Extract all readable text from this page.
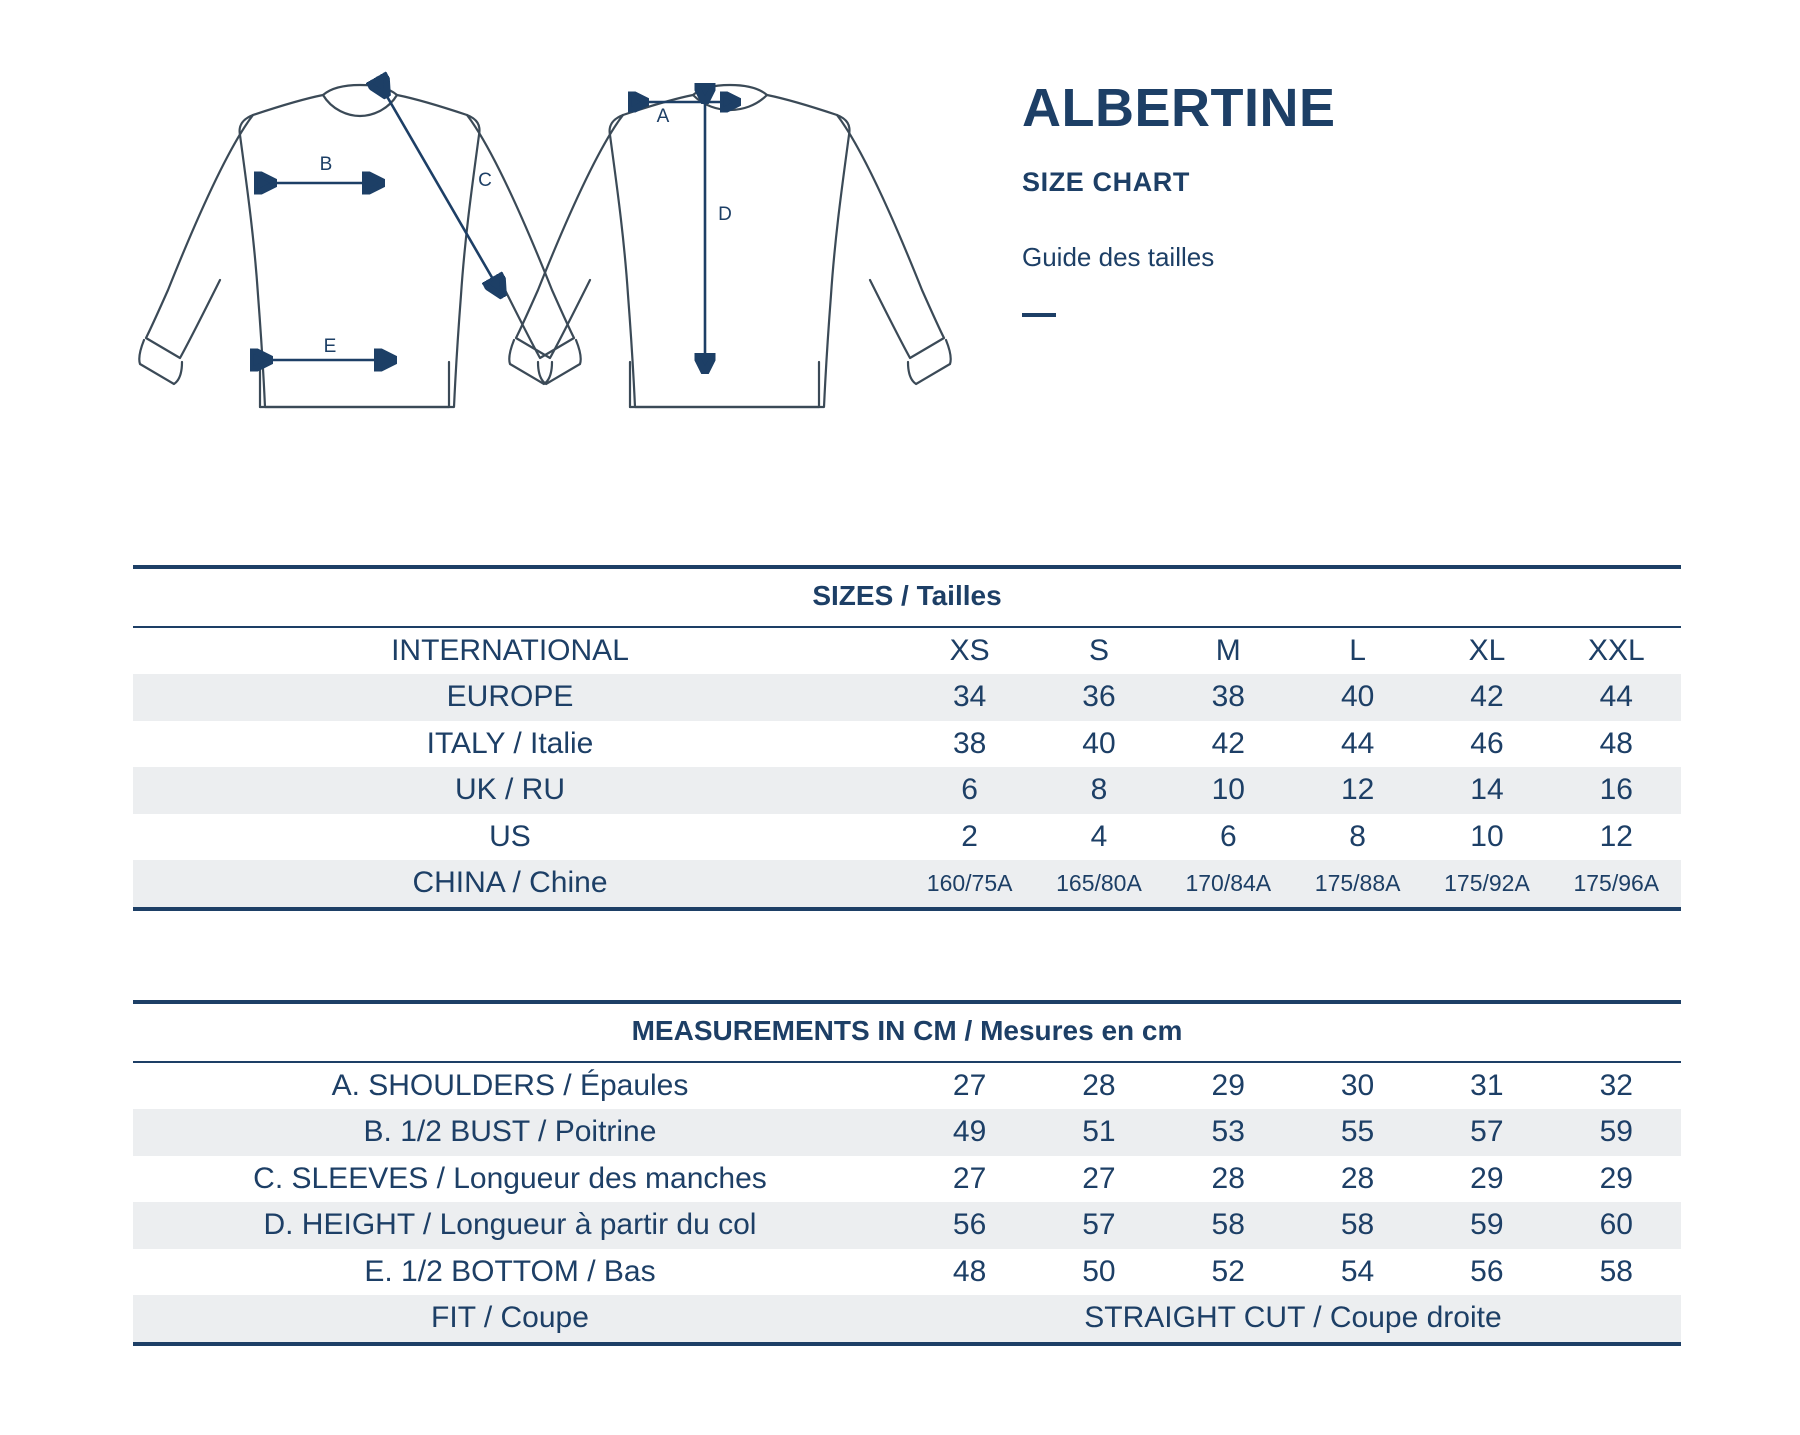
B
C
E
A
D
ALBERTINE
SIZE CHART
Guide des tailles
SIZES / Tailles						
INTERNATIONAL	XS	S	M	L	XL	XXL
EUROPE	34	36	38	40	42	44
ITALY / Italie	38	40	42	44	46	48
UK / RU	6	8	10	12	14	16
US	2	4	6	8	10	12
CHINA / Chine	160/75A	165/80A	170/84A	175/88A	175/92A	175/96A
MEASUREMENTS IN CM / Mesures en cm						
A. SHOULDERS / Épaules	27	28	29	30	31	32
B. 1/2 BUST / Poitrine	49	51	53	55	57	59
C. SLEEVES / Longueur des manches	27	27	28	28	29	29
D. HEIGHT / Longueur à partir du col	56	57	58	58	59	60
E. 1/2 BOTTOM / Bas	48	50	52	54	56	58
FIT / Coupe	STRAIGHT CUT / Coupe droite					
